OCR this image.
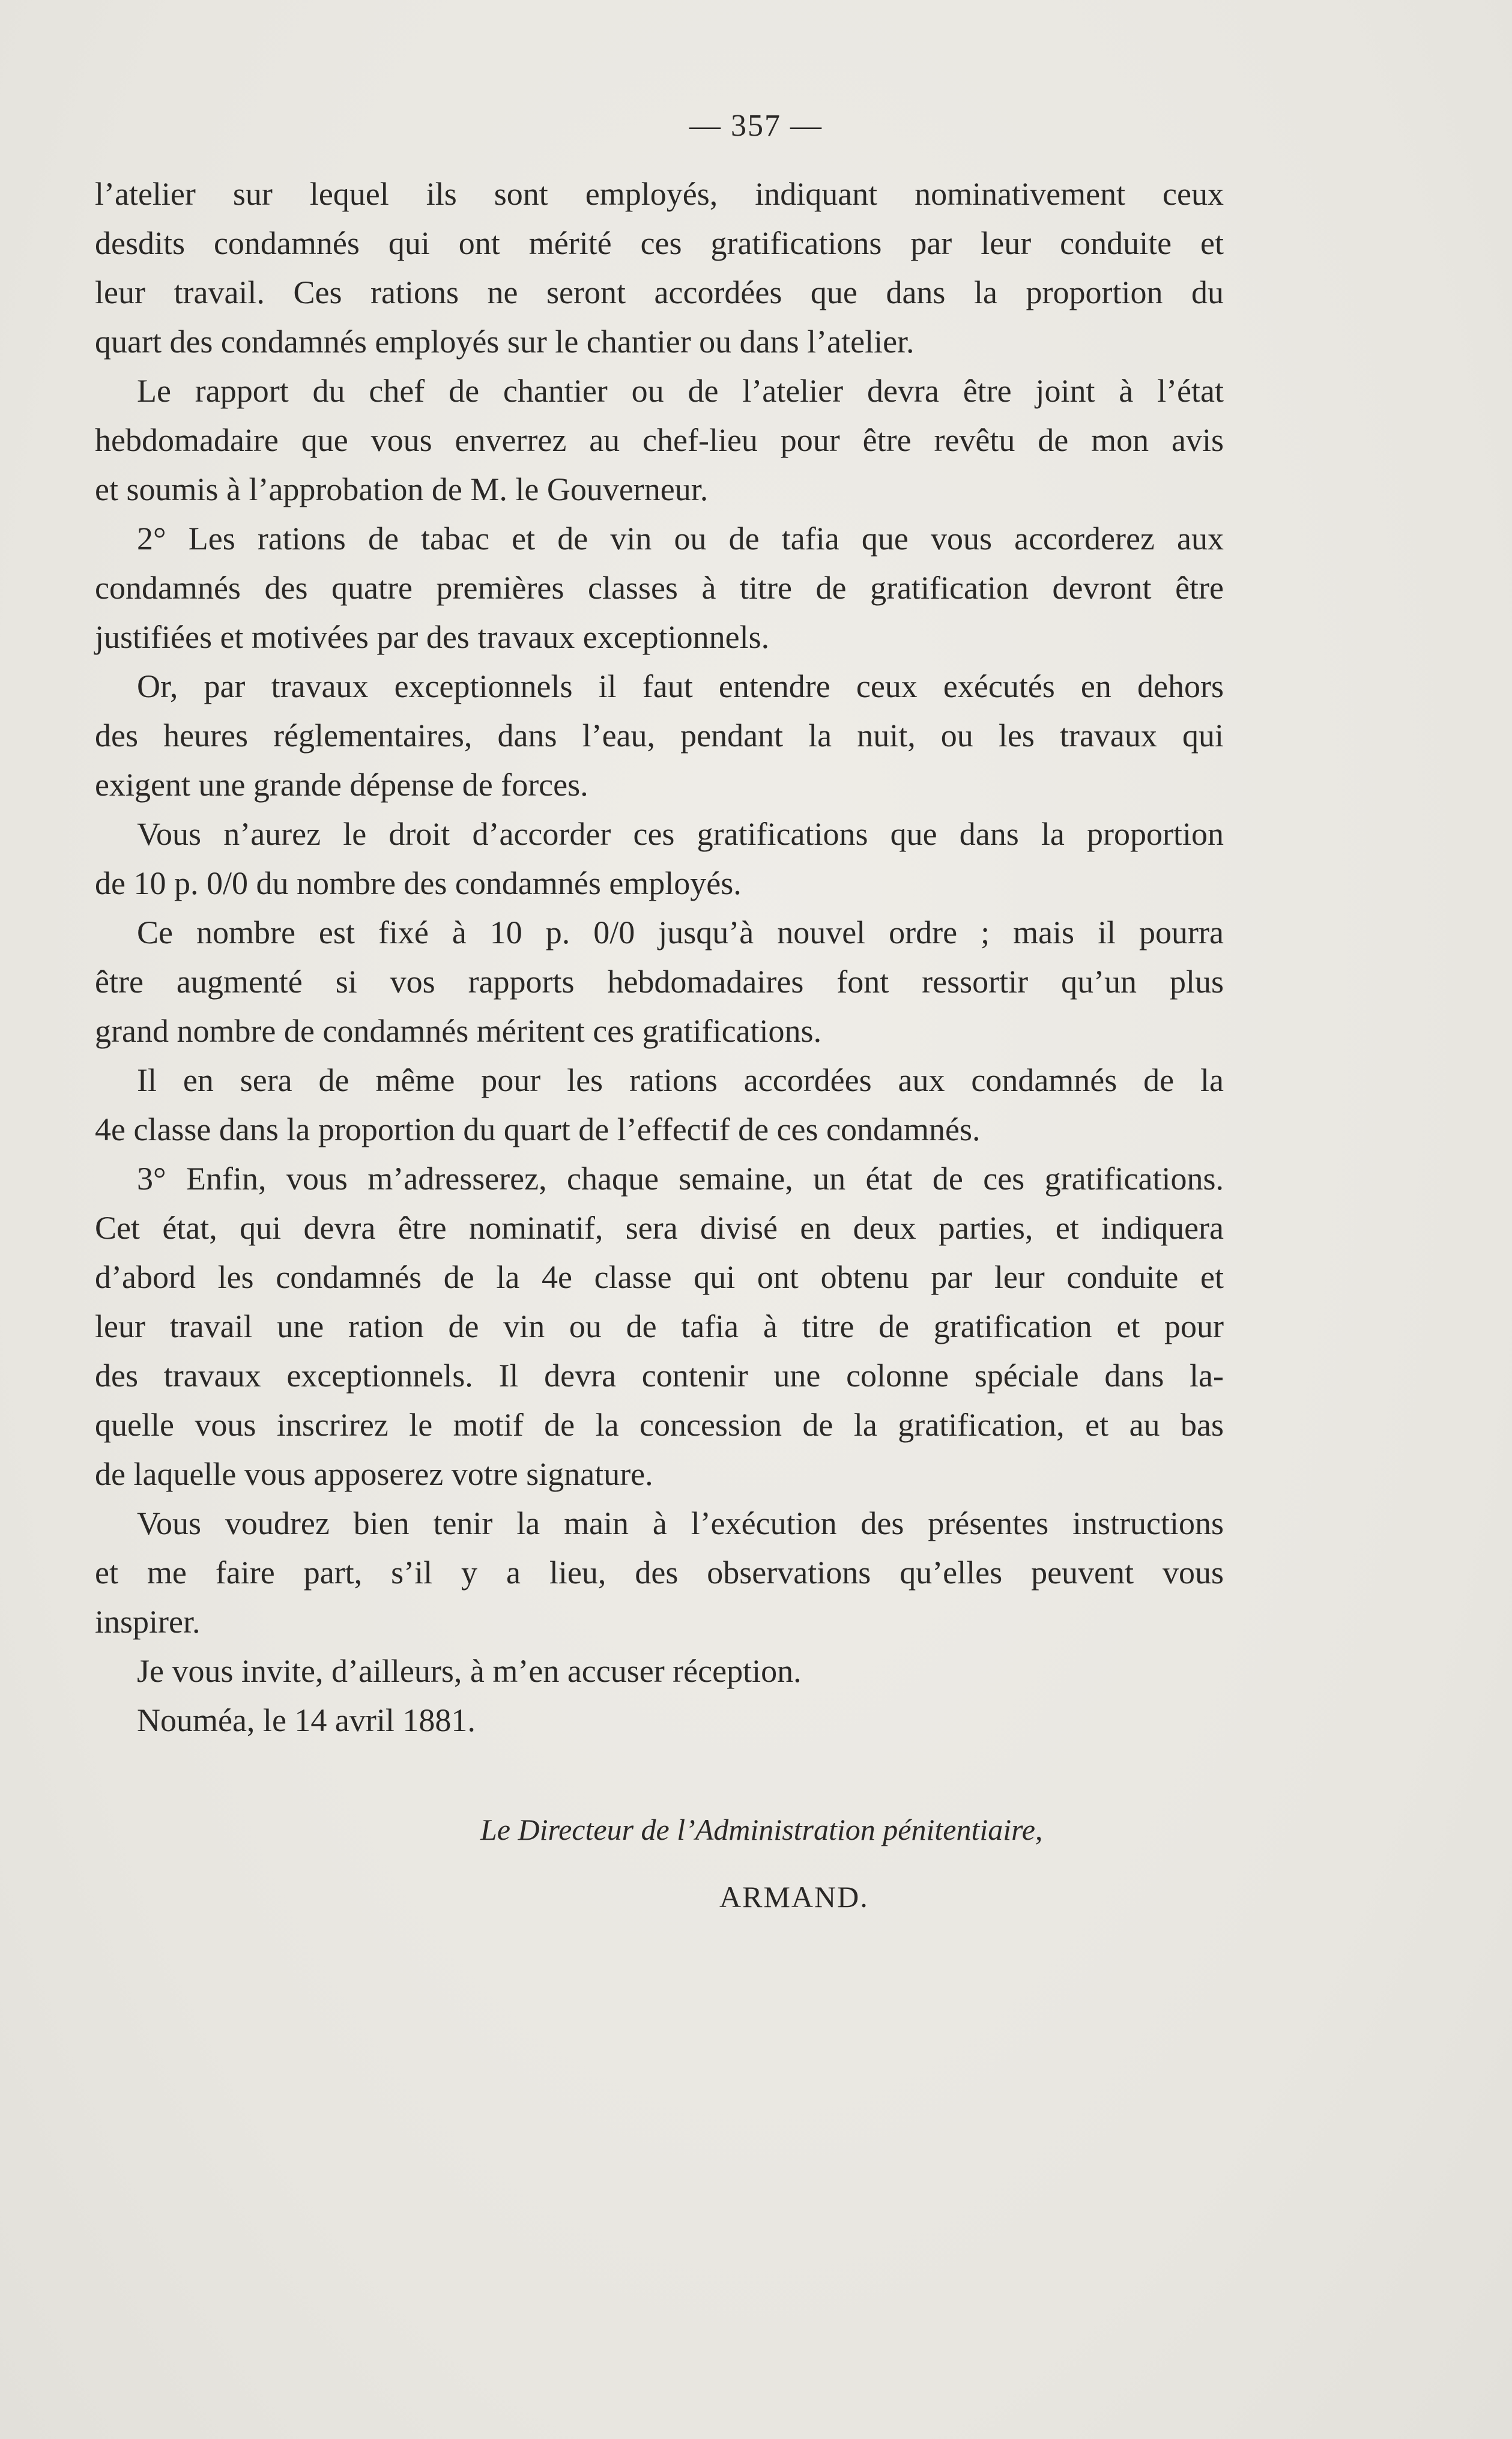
— 357 —
l’atelier sur lequel ils sont employés, indiquant nominativement ceux
desdits condamnés qui ont mérité ces gratifications par leur conduite et
leur travail. Ces rations ne seront accordées que dans la proportion du
quart des condamnés employés sur le chantier ou dans l’atelier.
Le rapport du chef de chantier ou de l’atelier devra être joint à l’état
hebdomadaire que vous enverrez au chef-lieu pour être revêtu de mon avis
et soumis à l’approbation de M. le Gouverneur.
2° Les rations de tabac et de vin ou de tafia que vous accorderez aux
condamnés des quatre premières classes à titre de gratification devront être
justifiées et motivées par des travaux exceptionnels.
Or, par travaux exceptionnels il faut entendre ceux exécutés en dehors
des heures réglementaires, dans l’eau, pendant la nuit, ou les travaux qui
exigent une grande dépense de forces.
Vous n’aurez le droit d’accorder ces gratifications que dans la proportion
de 10 p. 0/0 du nombre des condamnés employés.
Ce nombre est fixé à 10 p. 0/0 jusqu’à nouvel ordre ; mais il pourra
être augmenté si vos rapports hebdomadaires font ressortir qu’un plus
grand nombre de condamnés méritent ces gratifications.
Il en sera de même pour les rations accordées aux condamnés de la
4e classe dans la proportion du quart de l’effectif de ces condamnés.
3° Enfin, vous m’adresserez, chaque semaine, un état de ces gratifications.
Cet état, qui devra être nominatif, sera divisé en deux parties, et indiquera
d’abord les condamnés de la 4e classe qui ont obtenu par leur conduite et
leur travail une ration de vin ou de tafia à titre de gratification et pour
des travaux exceptionnels. Il devra contenir une colonne spéciale dans la-
quelle vous inscrirez le motif de la concession de la gratification, et au bas
de laquelle vous apposerez votre signature.
Vous voudrez bien tenir la main à l’exécution des présentes instructions
et me faire part, s’il y a lieu, des observations qu’elles peuvent vous
inspirer.
Je vous invite, d’ailleurs, à m’en accuser réception.
Nouméa, le 14 avril 1881.
Le Directeur de l’Administration pénitentiaire,
ARMAND.
